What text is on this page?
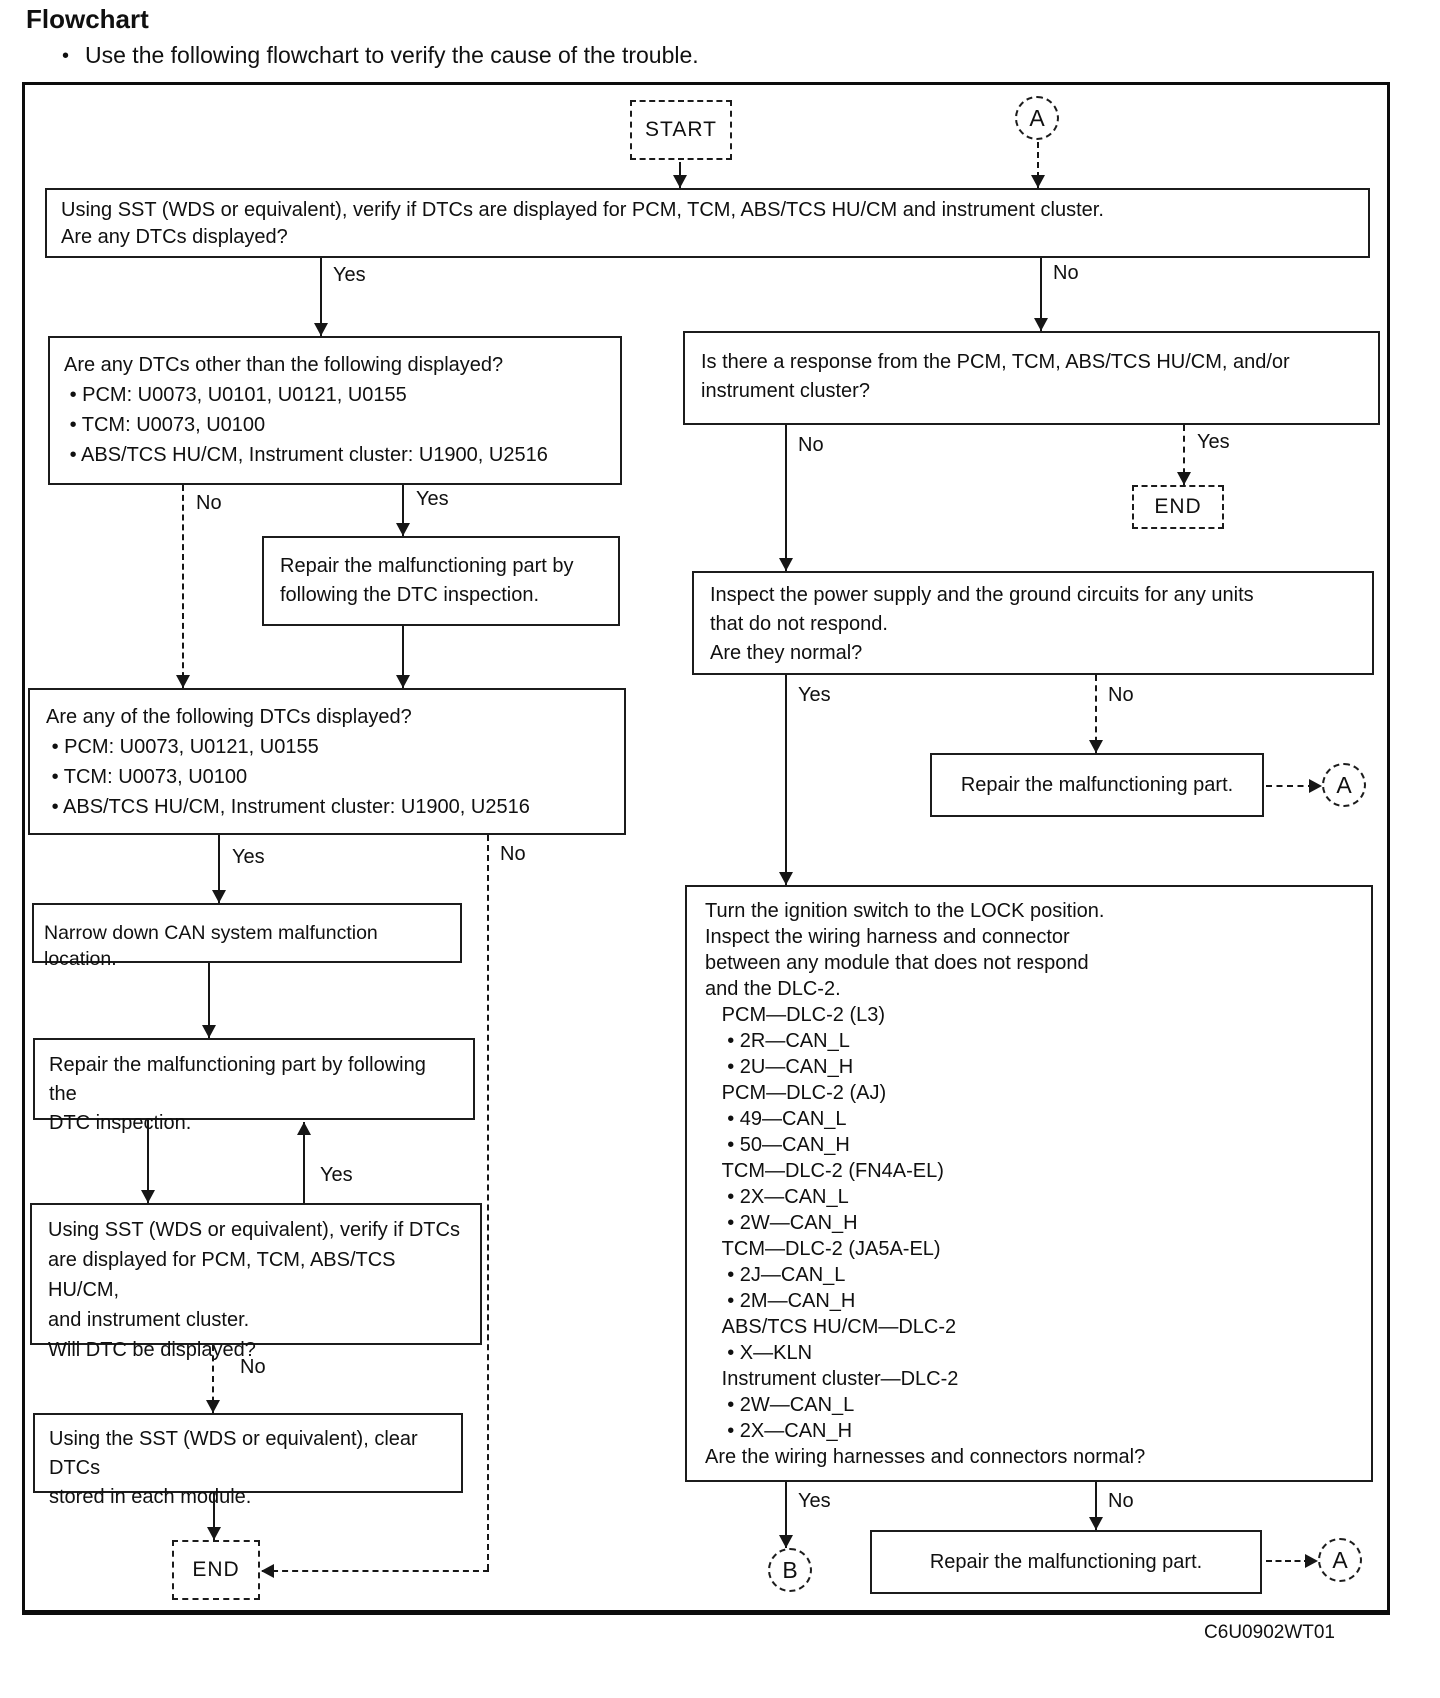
Flowchart
• Use the following flowchart to verify the cause of the trouble.
START	A
Using SST (WDS or equivalent), verify if DTCs are displayed for PCM, TCM, ABS/TCS HU/CM and instrument cluster.
Are any DTCs displayed?
Are any DTCs other than the following displayed?
• PCM: U0073, U0101, U0121, U0155
• TCM: U0073, U0100
• ABS/TCS HU/CM, Instrument cluster: U1900, U2516
Repair the malfunctioning part by
following the DTC inspection.
Are any of the following DTCs displayed?
• PCM: U0073, U0121, U0155
• TCM: U0073, U0100
• ABS/TCS HU/CM, Instrument cluster: U1900, U2516
Narrow down CAN system malfunction location.
Repair the malfunctioning part by following the
DTC inspection.
Using SST (WDS or equivalent), verify if DTCs
are displayed for PCM, TCM, ABS/TCS HU/CM,
and instrument cluster.
Will DTC be displayed?
Using the SST (WDS or equivalent), clear DTCs
stored in each module.
END
Is there a response from the PCM, TCM, ABS/TCS HU/CM, and/or
instrument cluster?
END
Inspect the power supply and the ground circuits for any units
that do not respond.
Are they normal?
Repair the malfunctioning part.	A
Turn the ignition switch to the LOCK position.
Inspect the wiring harness and connector
between any module that does not respond
and the DLC-2.
PCM—DLC-2 (L3)
• 2R—CAN_L
• 2U—CAN_H
PCM—DLC-2 (AJ)
• 49—CAN_L
• 50—CAN_H
TCM—DLC-2 (FN4A-EL)
• 2X—CAN_L
• 2W—CAN_H
TCM—DLC-2 (JA5A-EL)
• 2J—CAN_L
• 2M—CAN_H
ABS/TCS HU/CM—DLC-2
• X—KLN
Instrument cluster—DLC-2
• 2W—CAN_L
• 2X—CAN_H
Are the wiring harnesses and connectors normal?
B	Repair the malfunctioning part.	A
Yes	No
No	Yes
Yes	No
Yes
No
No	Yes
Yes	No
Yes	No
C6U0902WT01
